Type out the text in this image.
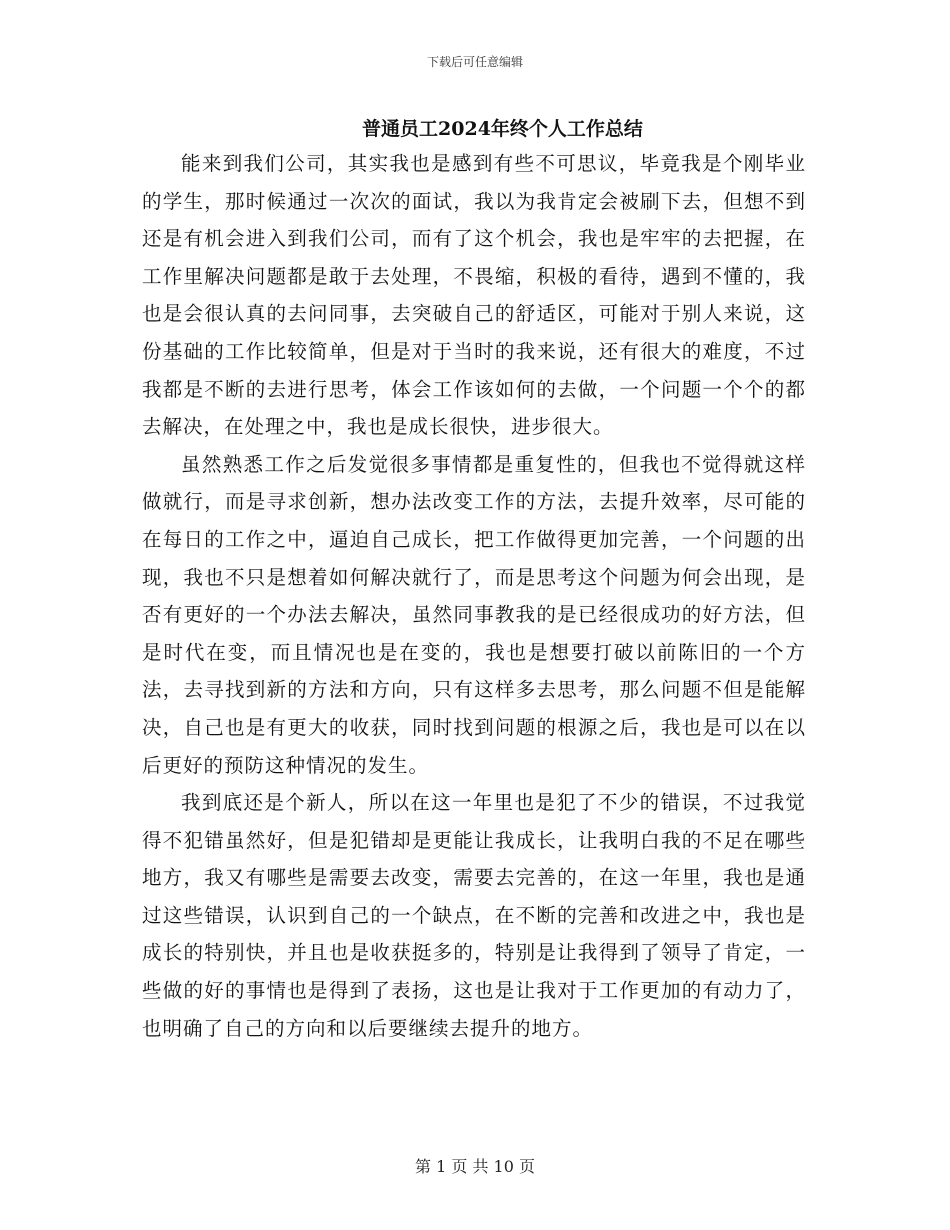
下载后可任意编辑
普通员工2024年终个人工作总结

能来到我们公司，其实我也是感到有些不可思议，毕竟我是个刚毕业的学生，那时候通过一次次的面试，我以为我肯定会被刷下去，但想不到还是有机会进入到我们公司，而有了这个机会，我也是牢牢的去把握，在工作里解决问题都是敢于去处理，不畏缩，积极的看待，遇到不懂的，我也是会很认真的去问同事，去突破自己的舒适区，可能对于别人来说，这份基础的工作比较简单，但是对于当时的我来说，还有很大的难度，不过我都是不断的去进行思考，体会工作该如何的去做，一个问题一个个的都去解决，在处理之中，我也是成长很快，进步很大。

虽然熟悉工作之后发觉很多事情都是重复性的，但我也不觉得就这样做就行，而是寻求创新，想办法改变工作的方法，去提升效率，尽可能的在每日的工作之中，逼迫自己成长，把工作做得更加完善，一个问题的出现，我也不只是想着如何解决就行了，而是思考这个问题为何会出现，是否有更好的一个办法去解决，虽然同事教我的是已经很成功的好方法，但是时代在变，而且情况也是在变的，我也是想要打破以前陈旧的一个方法，去寻找到新的方法和方向，只有这样多去思考，那么问题不但是能解决，自己也是有更大的收获，同时找到问题的根源之后，我也是可以在以后更好的预防这种情况的发生。

我到底还是个新人，所以在这一年里也是犯了不少的错误，不过我觉得不犯错虽然好，但是犯错却是更能让我成长，让我明白我的不足在哪些地方，我又有哪些是需要去改变，需要去完善的，在这一年里，我也是通过这些错误，认识到自己的一个缺点，在不断的完善和改进之中，我也是成长的特别快，并且也是收获挺多的，特别是让我得到了领导了肯定，一些做的好的事情也是得到了表扬，这也是让我对于工作更加的有动力了，也明确了自己的方向和以后要继续去提升的地方。

第 1 页 共 10 页
